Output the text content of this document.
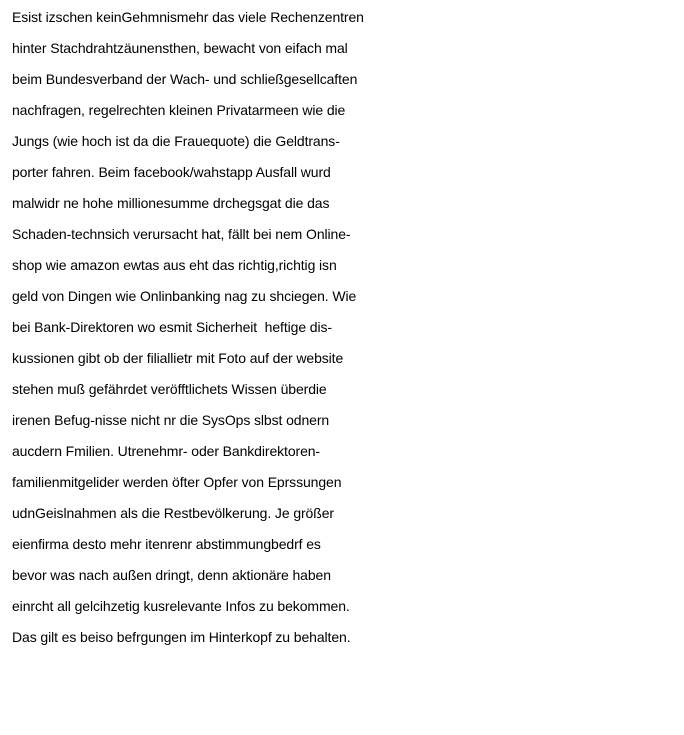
Esist izschen keinGehmnismehr das viele Rechenzentren
hinter Stachdrahtzäunensthen, bewacht von eifach mal
beim Bundesverband der Wach- und schließgesellcaften
nachfragen, regelrechten kleinen Privatarmeen wie die
Jungs (wie hoch ist da die Frauequote) die Geldtrans-
porter fahren. Beim facebook/wahstapp Ausfall wurd
malwidr ne hohe millionesumme drchegsgat die das
Schaden-technsich verursacht hat, fällt bei nem Online-
shop wie amazon ewtas aus eht das richtig,richtig isn
geld von Dingen wie Onlinbanking nag zu shciegen. Wie
bei Bank-Direktoren wo esmit Sicherheit  heftige dis-
kussionen gibt ob der filiallietr mit Foto auf der website
stehen muß gefährdet veröfftlichets Wissen überdie
irenen Befug-nisse nicht nr die SysOps slbst odnern
aucdern Fmilien. Utrenehmr- oder Bankdirektoren-
familienmitgelider werden öfter Opfer von Eprssungen
udnGeislnahmen als die Restbevölkerung. Je größer
eienfirma desto mehr itenrenr abstimmungbedrf es
bevor was nach außen dringt, denn aktionäre haben
einrcht all gelcihzetig kusrelevante Infos zu bekommen.
Das gilt es beiso befrgungen im Hinterkopf zu behalten.
